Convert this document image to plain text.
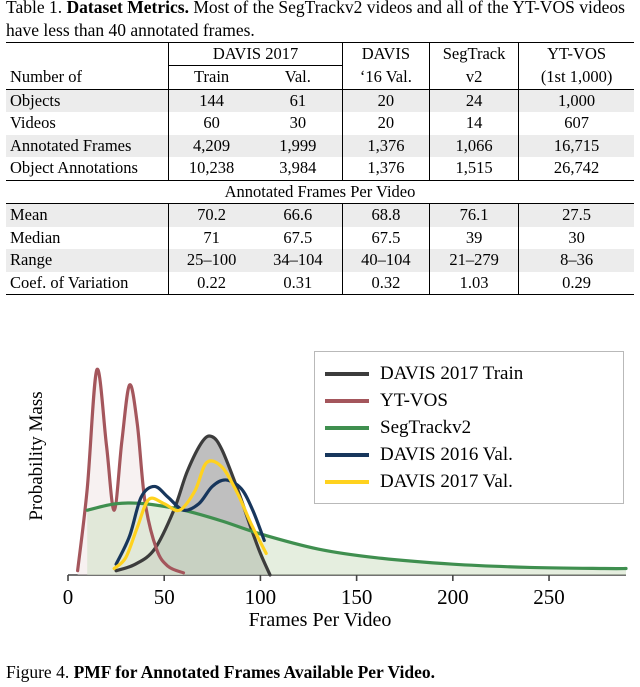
Table 1. Dataset Metrics. Most of the SegTrackv2 videos and all of the YT-VOS videos have less than 40 annotated frames.
	DAVIS 2017		DAVIS	SegTrack	YT-VOS
Number of	Train	Val.	‘16 Val.	v2	(1st 1,000)
Objects	144	61	20	24	1,000
Videos	60	30	20	14	607
Annotated Frames	4,209	1,999	1,376	1,066	16,715
Object Annotations	10,238	3,984	1,376	1,515	26,742
Annotated Frames Per Video					
Mean	70.2	66.6	68.8	76.1	27.5
Median	71	67.5	67.5	39	30
Range	25–100	34–104	40–104	21–279	8–36
Coef. of Variation	0.22	0.31	0.32	1.03	0.29
Probability Mass
0	50	100	150	200	250
Frames Per Video
DAVIS 2017 Train
YT-VOS
SegTrackv2
DAVIS 2016 Val.
DAVIS 2017 Val.
Figure 4. PMF for Annotated Frames Available Per Video.
